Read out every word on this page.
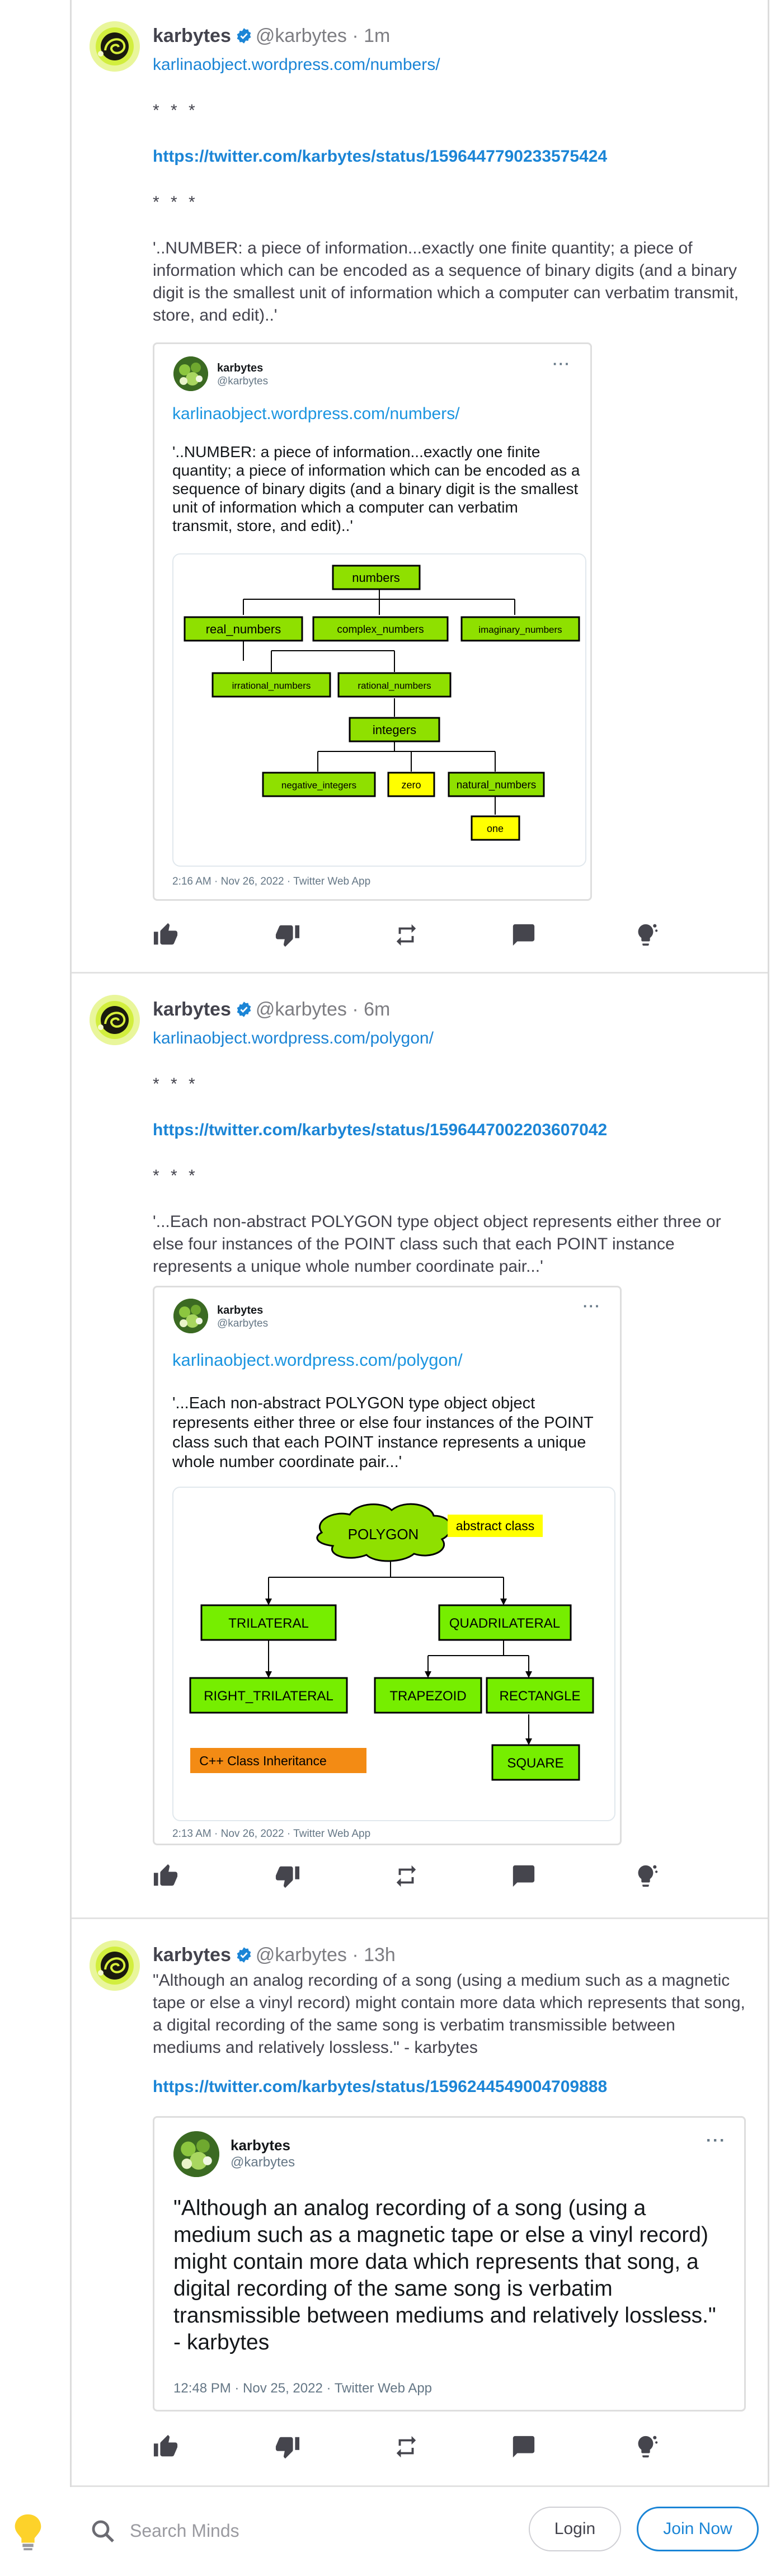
karbytes @karbytes · 1m

karlinaobject.wordpress.com/numbers/

* * *

https://twitter.com/karbytes/status/1596447790233575424

* * *

'..NUMBER: a piece of information...exactly one finite quantity; a piece of information which can be encoded as a sequence of binary digits (and a binary digit is the smallest unit of information which a computer can verbatim transmit, store, and edit)..'

karbytes
@karbytes
···
karlinaobject.wordpress.com/numbers/
'..NUMBER: a piece of information...exactly one finite quantity; a piece of information which can be encoded as a sequence of binary digits (and a binary digit is the smallest unit of information which a computer can verbatim transmit, store, and edit)..'
numbers
real_numbers	complex_numbers	imaginary_numbers
irrational_numbers	rational_numbers
integers
negative_integers	zero	natural_numbers
one
2:16 AM · Nov 26, 2022 · Twitter Web App
karbytes @karbytes · 6m

karlinaobject.wordpress.com/polygon/

* * *

https://twitter.com/karbytes/status/1596447002203607042

* * *

'...Each non-abstract POLYGON type object object represents either three or else four instances of the POINT class such that each POINT instance represents a unique whole number coordinate pair...'

karbytes
@karbytes
···
karlinaobject.wordpress.com/polygon/
'...Each non-abstract POLYGON type object object represents either three or else four instances of the POINT class such that each POINT instance represents a unique whole number coordinate pair...'
POLYGON	abstract class
TRILATERAL	QUADRILATERAL
RIGHT_TRILATERAL	TRAPEZOID RECTANGLE
SQUARE
C++ Class Inheritance
2:13 AM · Nov 26, 2022 · Twitter Web App
karbytes @karbytes · 13h

"Although an analog recording of a song (using a medium such as a magnetic tape or else a vinyl record) might contain more data which represents that song, a digital recording of the same song is verbatim transmissible between mediums and relatively lossless." - karbytes

https://twitter.com/karbytes/status/1596244549004709888

karbytes
@karbytes
···
"Although an analog recording of a song (using a medium such as a magnetic tape or else a vinyl record) might contain more data which represents that song, a digital recording of the same song is verbatim transmissible between mediums and relatively lossless." - karbytes
12:48 PM · Nov 25, 2022 · Twitter Web App
Search Minds
Login	Join Now
